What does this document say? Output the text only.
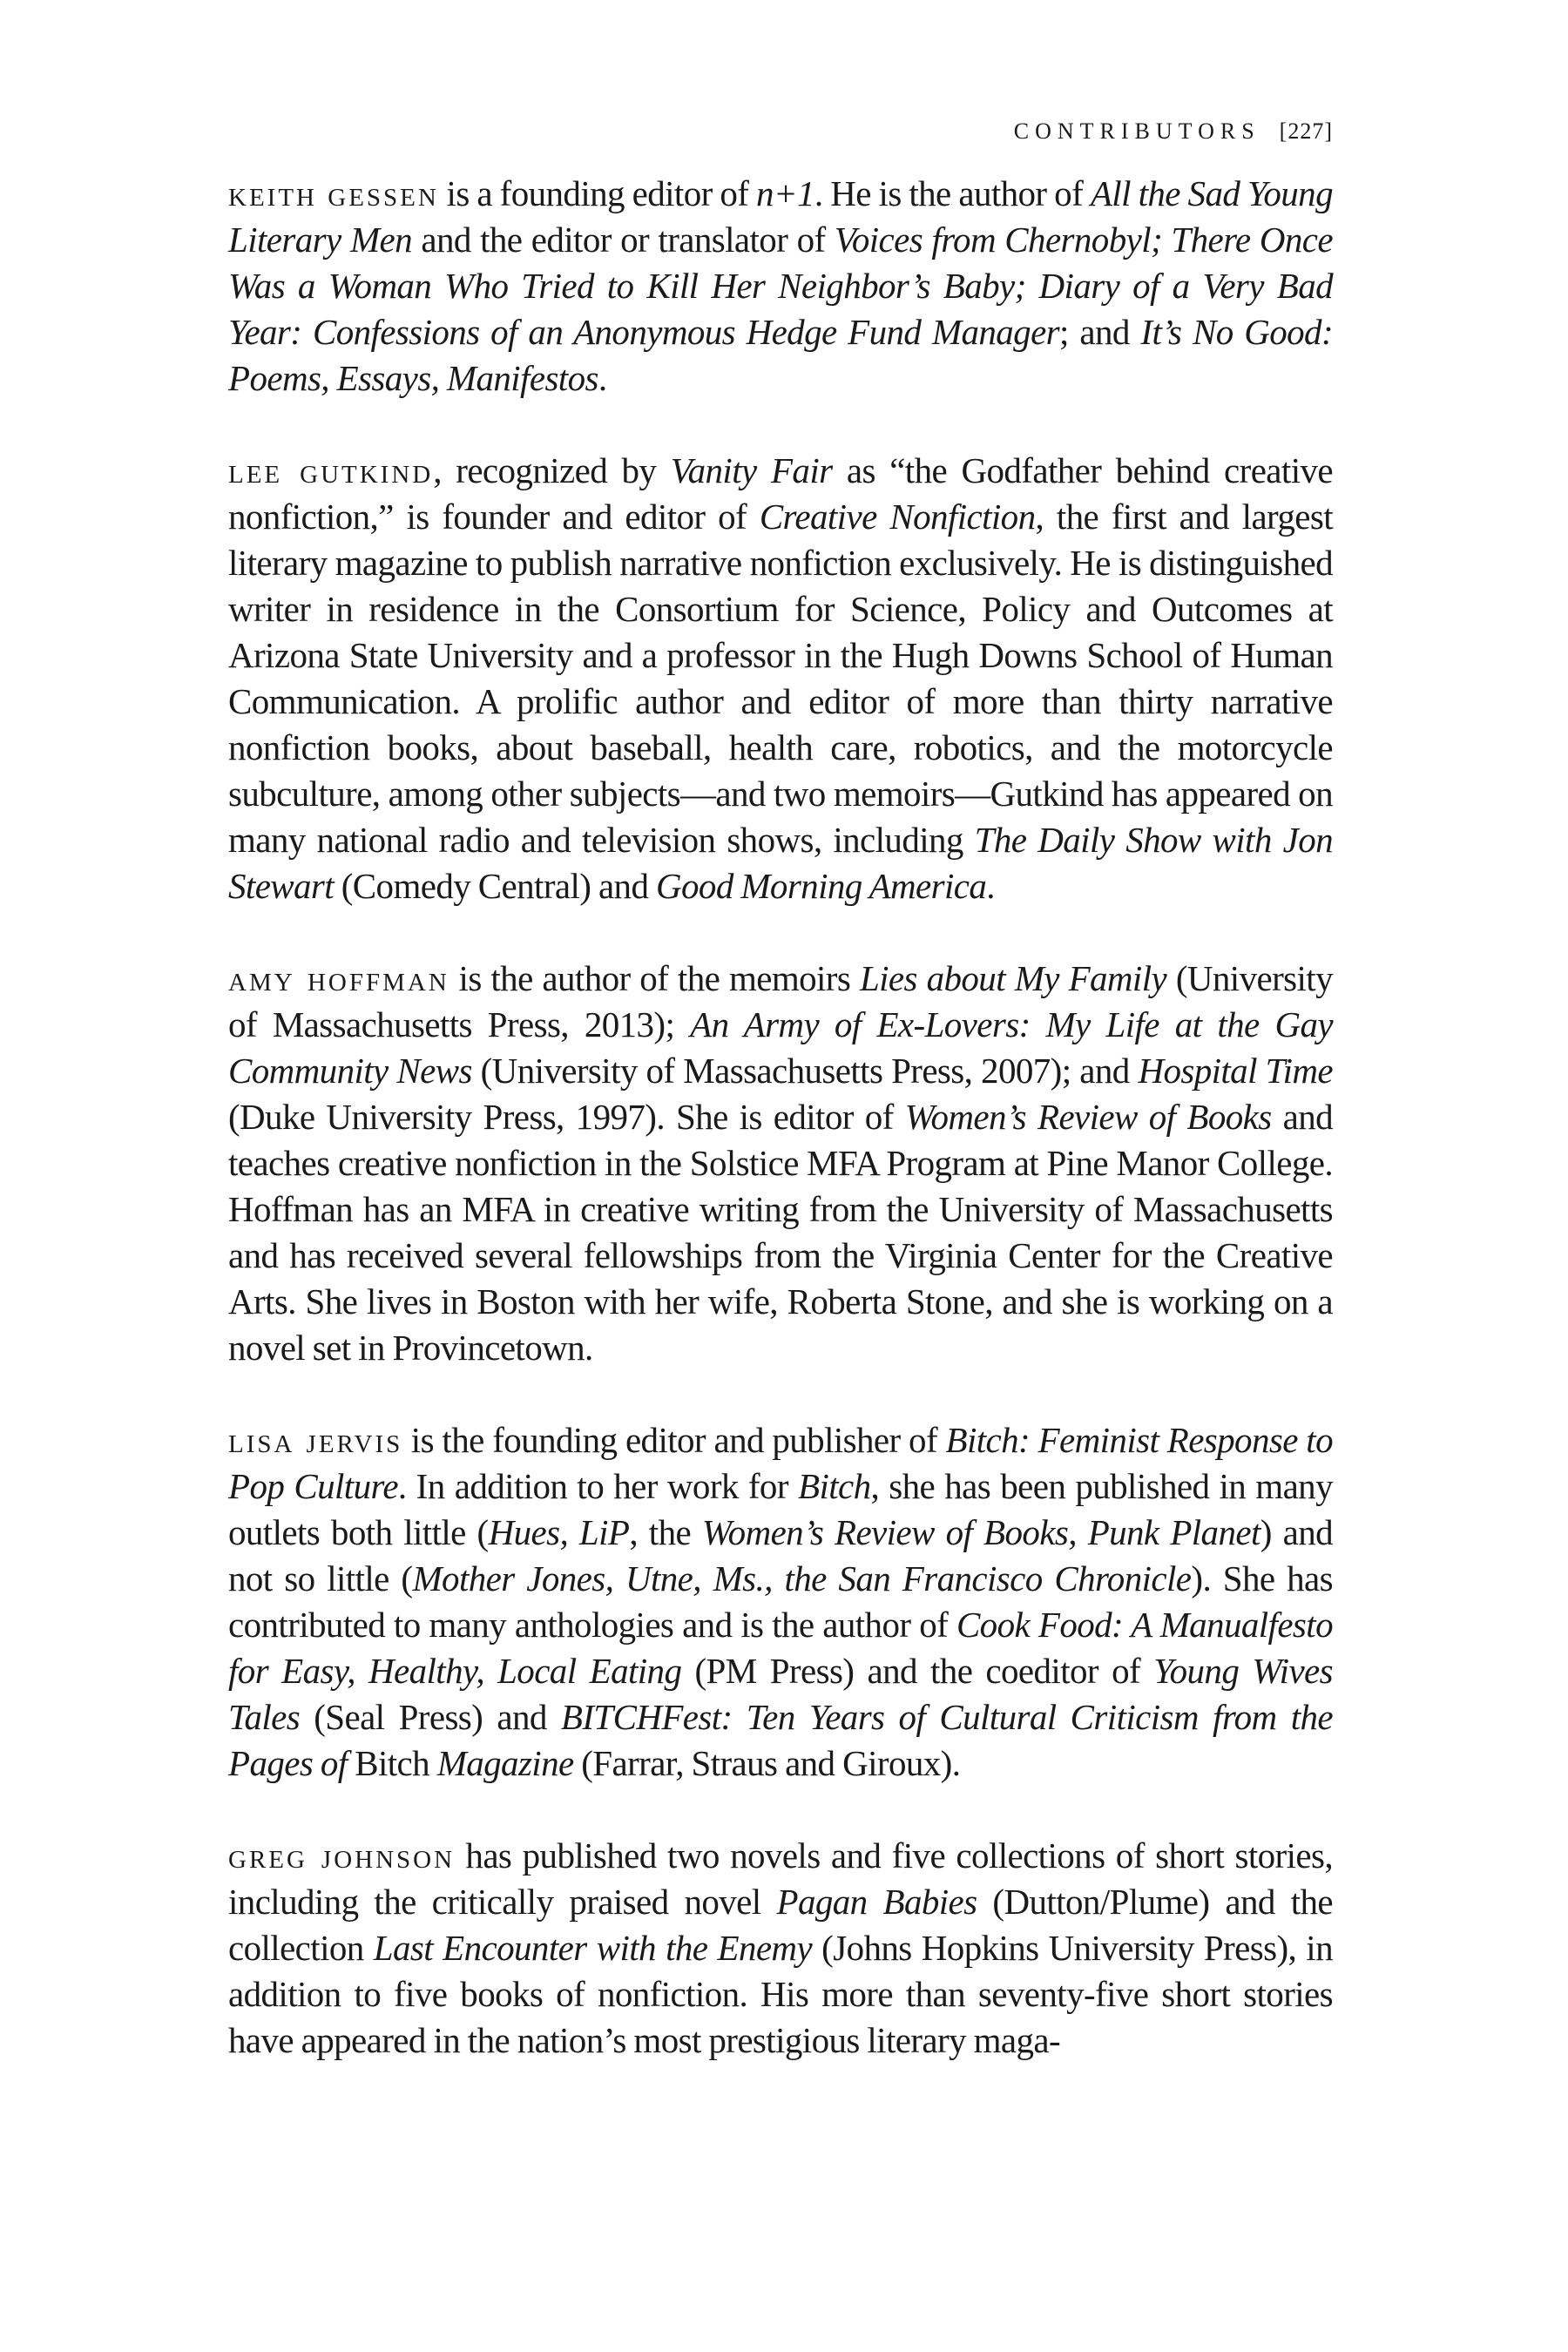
CONTRIBUTORS [227]

keith gessen is a founding editor of n+1. He is the author of All the Sad Young Literary Men and the editor or translator of Voices from Chernobyl; There Once Was a Woman Who Tried to Kill Her Neighbor’s Baby; Diary of a Very Bad Year: Confessions of an Anonymous Hedge Fund Manager; and It’s No Good: Poems, Essays, Manifestos.

lee gutkind, recognized by Vanity Fair as “the Godfather behind creative nonfiction,” is founder and editor of Creative Nonfiction, the first and largest literary magazine to publish narrative nonfiction exclusively. He is distinguished writer in residence in the Consortium for Science, Policy and Outcomes at Arizona State University and a professor in the Hugh Downs School of Human Communication. A prolific author and editor of more than thirty narrative nonfiction books, about baseball, health care, robotics, and the motorcycle subculture, among other subjects—and two memoirs—Gutkind has appeared on many national radio and television shows, including The Daily Show with Jon Stewart (Comedy Central) and Good Morning America.

amy hoffman is the author of the memoirs Lies about My Family (University of Massachusetts Press, 2013); An Army of Ex-Lovers: My Life at the Gay Community News (University of Massachusetts Press, 2007); and Hospital Time (Duke University Press, 1997). She is editor of Women’s Review of Books and teaches creative nonfiction in the Solstice MFA Program at Pine Manor College. Hoffman has an MFA in creative writing from the University of Massachusetts and has received several fellowships from the Virginia Center for the Creative Arts. She lives in Boston with her wife, Roberta Stone, and she is working on a novel set in Provincetown.

lisa jervis is the founding editor and publisher of Bitch: Feminist Response to Pop Culture. In addition to her work for Bitch, she has been published in many outlets both little (Hues, LiP, the Women’s Review of Books, Punk Planet) and not so little (Mother Jones, Utne, Ms., the San Francisco Chronicle). She has contributed to many anthologies and is the author of Cook Food: A Manualfesto for Easy, Healthy, Local Eating (PM Press) and the coeditor of Young Wives Tales (Seal Press) and BITCHFest: Ten Years of Cultural Criticism from the Pages of Bitch Magazine (Farrar, Straus and Giroux).

greg johnson has published two novels and five collections of short stories, including the critically praised novel Pagan Babies (Dutton/Plume) and the collection Last Encounter with the Enemy (Johns Hopkins University Press), in addition to five books of nonfiction. His more than seventy-five short stories have appeared in the nation’s most prestigious literary maga-
